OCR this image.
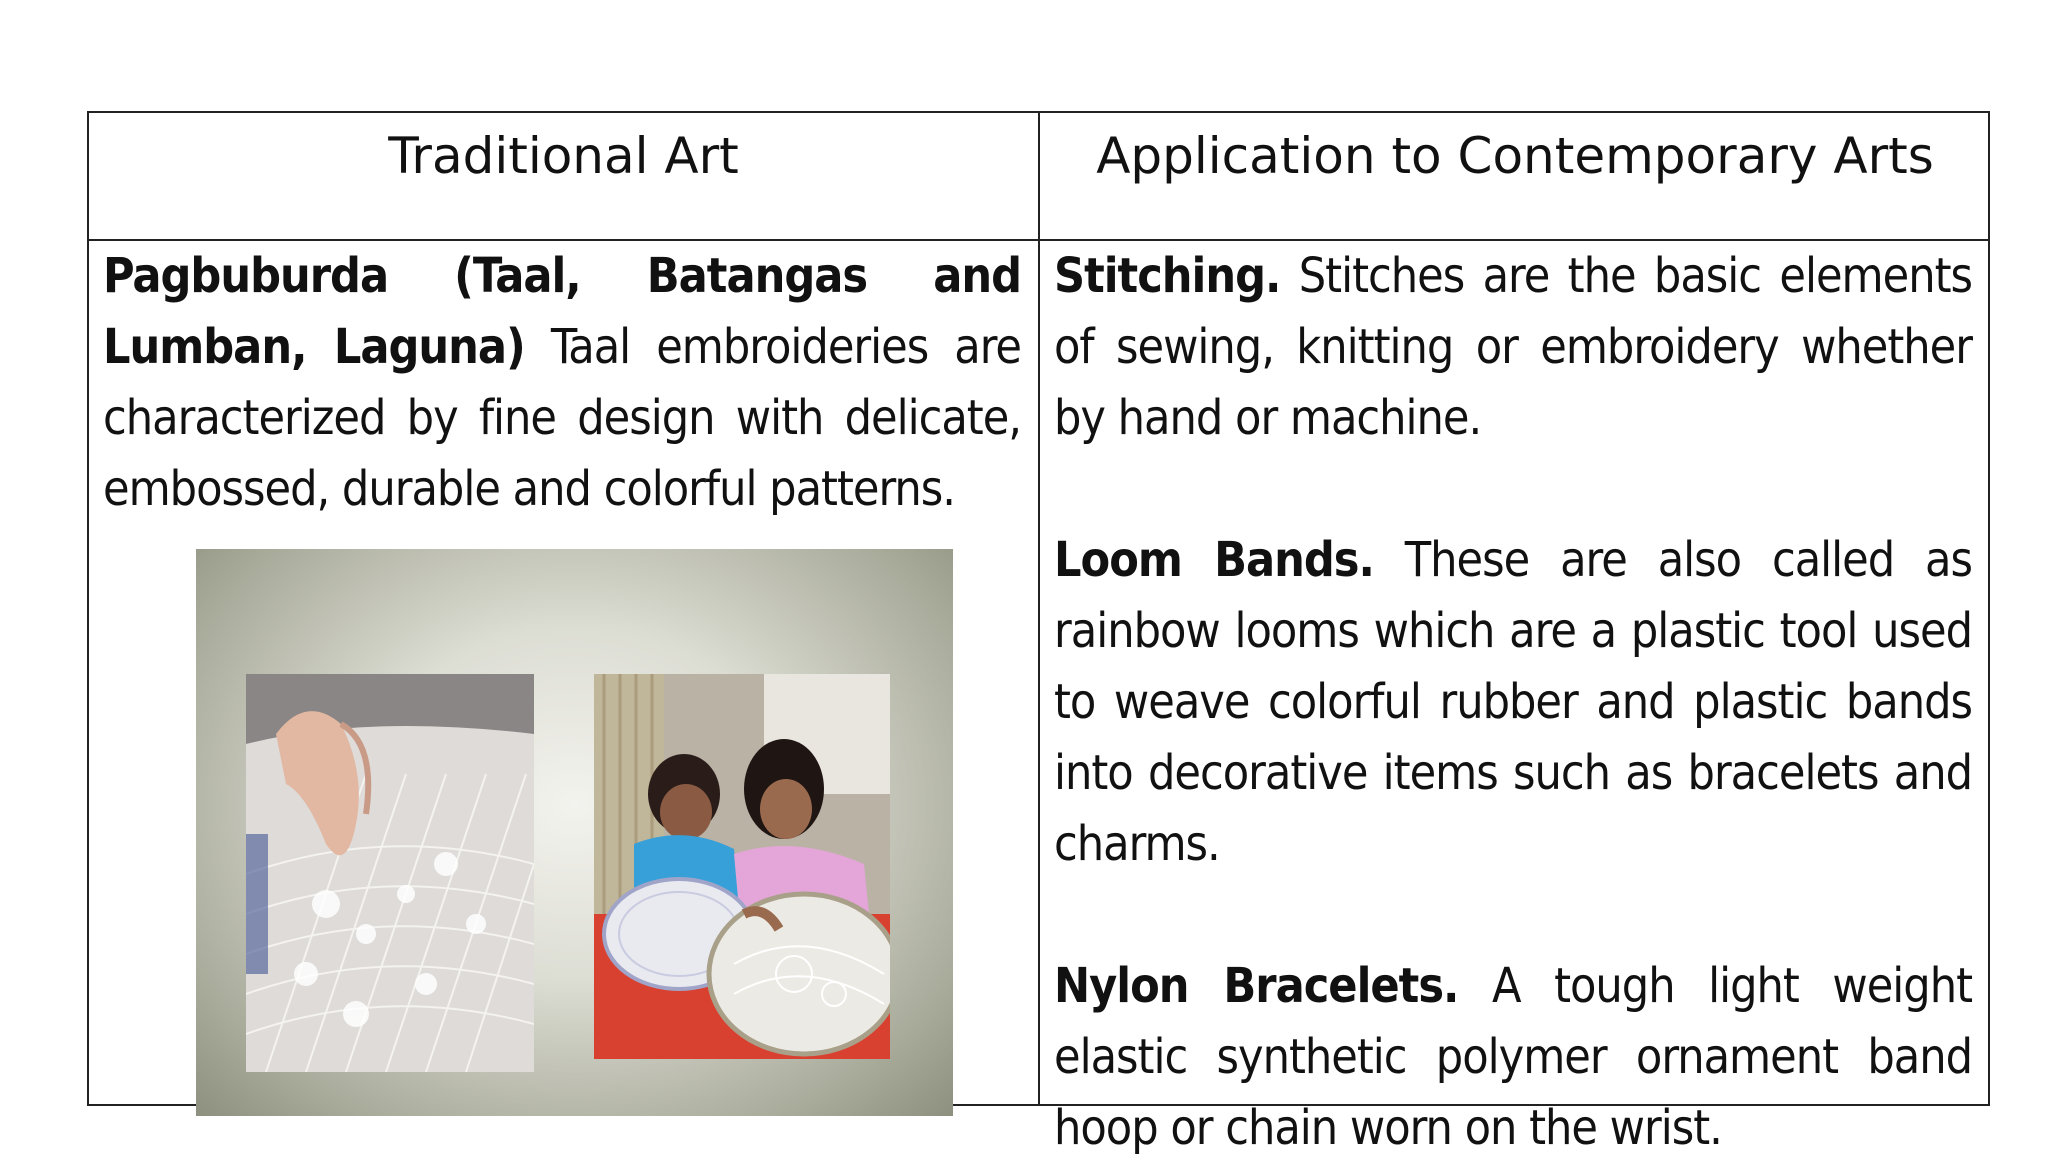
Traditional Art	Application to Contemporary Arts
Pagbuburda (Taal, Batangas and Lumban, Laguna) Taal embroideries are characterized by fine design with delicate, embossed, durable and colorful patterns.

Stitching. Stitches are the basic elements of sewing, knitting or embroidery whether by hand or machine.

Loom Bands. These are also called as rainbow looms which are a plastic tool used to weave colorful rubber and plastic bands into decorative items such as bracelets and charms.

Nylon Bracelets. A tough light weight elastic synthetic polymer ornament band hoop or chain worn on the wrist.
